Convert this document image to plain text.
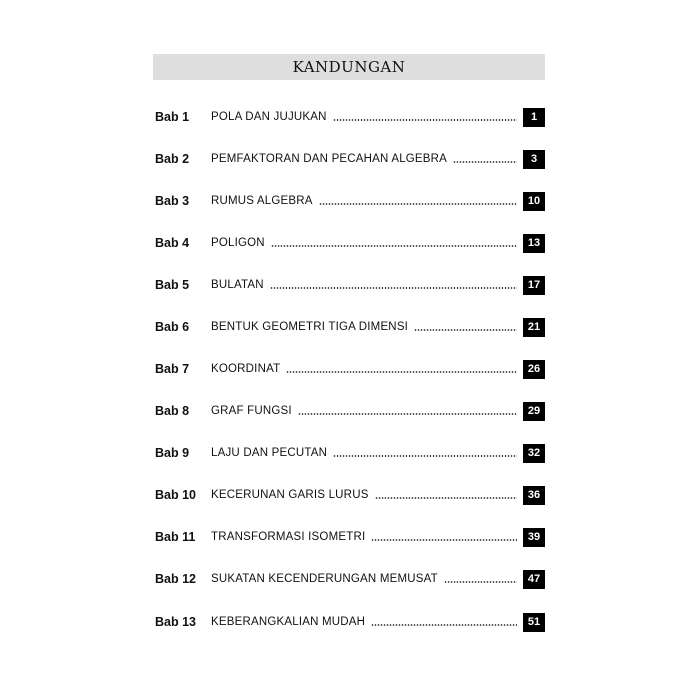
KANDUNGAN
Bab 1	POLA DAN JUJUKAN	1
Bab 2	PEMFAKTORAN DAN PECAHAN ALGEBRA	3
Bab 3	RUMUS ALGEBRA	10
Bab 4	POLIGON	13
Bab 5	BULATAN	17
Bab 6	BENTUK GEOMETRI TIGA DIMENSI	21
Bab 7	KOORDINAT	26
Bab 8	GRAF FUNGSI	29
Bab 9	LAJU DAN PECUTAN	32
Bab 10	KECERUNAN GARIS LURUS	36
Bab 11	TRANSFORMASI ISOMETRI	39
Bab 12	SUKATAN KECENDERUNGAN MEMUSAT	47
Bab 13	KEBERANGKALIAN MUDAH	51
